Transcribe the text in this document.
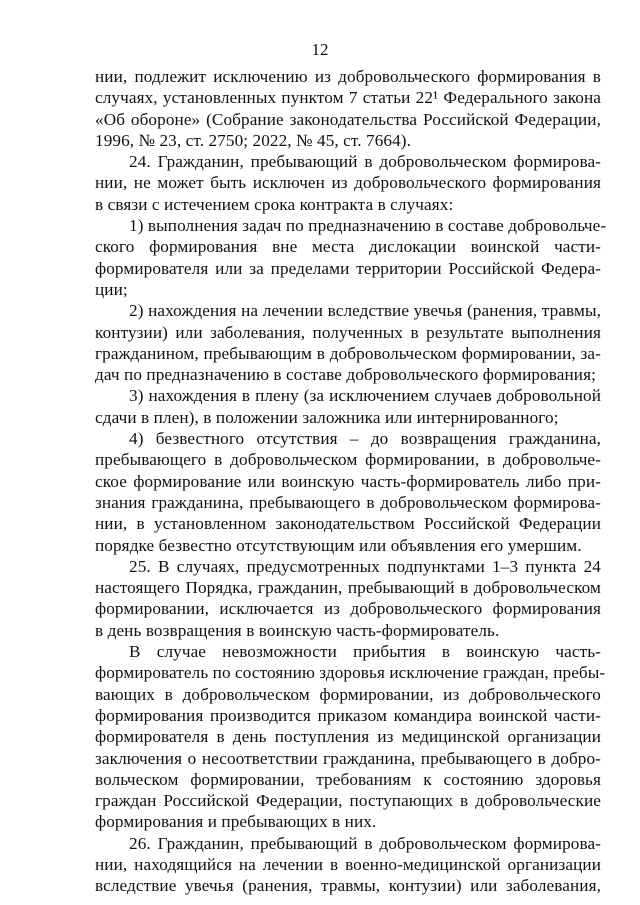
12
нии, подлежит исключению из добровольческого формирования в
случаях, установленных пунктом 7 статьи 22¹ Федерального закона
«Об обороне» (Собрание законодательства Российской Федерации,
1996, № 23, ст. 2750; 2022, № 45, ст. 7664).
24. Гражданин, пребывающий в добровольческом формирова-
нии, не может быть исключен из добровольческого формирования
в связи с истечением срока контракта в случаях:
1) выполнения задач по предназначению в составе добровольче-
ского формирования вне места дислокации воинской части-
формирователя или за пределами территории Российской Федера-
ции;
2) нахождения на лечении вследствие увечья (ранения, травмы,
контузии) или заболевания, полученных в результате выполнения
гражданином, пребывающим в добровольческом формировании, за-
дач по предназначению в составе добровольческого формирования;
3) нахождения в плену (за исключением случаев добровольной
сдачи в плен), в положении заложника или интернированного;
4) безвестного отсутствия – до возвращения гражданина,
пребывающего в добровольческом формировании, в добровольче-
ское формирование или воинскую часть-формирователь либо при-
знания гражданина, пребывающего в добровольческом формирова-
нии, в установленном законодательством Российской Федерации
порядке безвестно отсутствующим или объявления его умершим.
25. В случаях, предусмотренных подпунктами 1–3 пункта 24
настоящего Порядка, гражданин, пребывающий в добровольческом
формировании, исключается из добровольческого формирования
в день возвращения в воинскую часть-формирователь.
В случае невозможности прибытия в воинскую часть-
формирователь по состоянию здоровья исключение граждан, пребы-
вающих в добровольческом формировании, из добровольческого
формирования производится приказом командира воинской части-
формирователя в день поступления из медицинской организации
заключения о несоответствии гражданина, пребывающего в добро-
вольческом формировании, требованиям к состоянию здоровья
граждан Российской Федерации, поступающих в добровольческие
формирования и пребывающих в них.
26. Гражданин, пребывающий в добровольческом формирова-
нии, находящийся на лечении в военно-медицинской организации
вследствие увечья (ранения, травмы, контузии) или заболевания,
